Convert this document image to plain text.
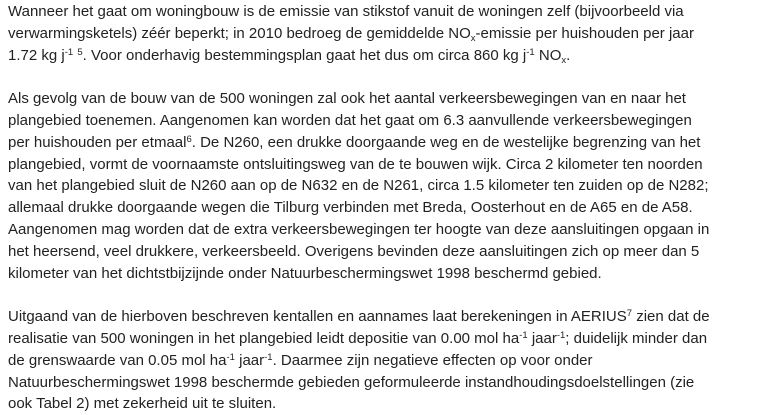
Wanneer het gaat om woningbouw is de emissie van stikstof vanuit de woningen zelf (bijvoorbeeld via
verwarmingsketels) zéér beperkt; in 2010 bedroeg de gemiddelde $NO_x$-emissie per huishouden per jaar
1.72 kg $j^{-1}$ $^5$. Voor onderhavig bestemmingsplan gaat het dus om circa 860 kg $j^{-1}$ $NO_x$.
Als gevolg van de bouw van de 500 woningen zal ook het aantal verkeersbewegingen van en naar het
plangebied toenemen. Aangenomen kan worden dat het gaat om 6.3 aanvullende verkeersbewegingen
per huishouden per etmaal$^6$. De N260, een drukke doorgaande weg en de westelijke begrenzing van het
plangebied, vormt de voornaamste ontsluitingsweg van de te bouwen wijk. Circa 2 kilometer ten noorden
van het plangebied sluit de N260 aan op de N632 en de N261, circa 1.5 kilometer ten zuiden op de N282;
allemaal drukke doorgaande wegen die Tilburg verbinden met Breda, Oosterhout en de A65 en de A58.
Aangenomen mag worden dat de extra verkeersbewegingen ter hoogte van deze aansluitingen opgaan in
het heersend, veel drukkere, verkeersbeeld. Overigens bevinden deze aansluitingen zich op meer dan 5
kilometer van het dichtstbijzijnde onder Natuurbeschermingswet 1998 beschermd gebied.
Uitgaand van de hierboven beschreven kentallen en aannames laat berekeningen in AERIUS$^7$ zien dat de
realisatie van 500 woningen in het plangebied leidt depositie van 0.00 mol $ha^{-1}$ jaar$^{-1}$; duidelijk minder dan
de grenswaarde van 0.05 mol $ha^{-1}$ jaar$^{-1}$. Daarmee zijn negatieve effecten op voor onder
Natuurbeschermingswet 1998 beschermde gebieden geformuleerde instandhoudingsdoelstellingen (zie
ook Tabel 2) met zekerheid uit te sluiten.
